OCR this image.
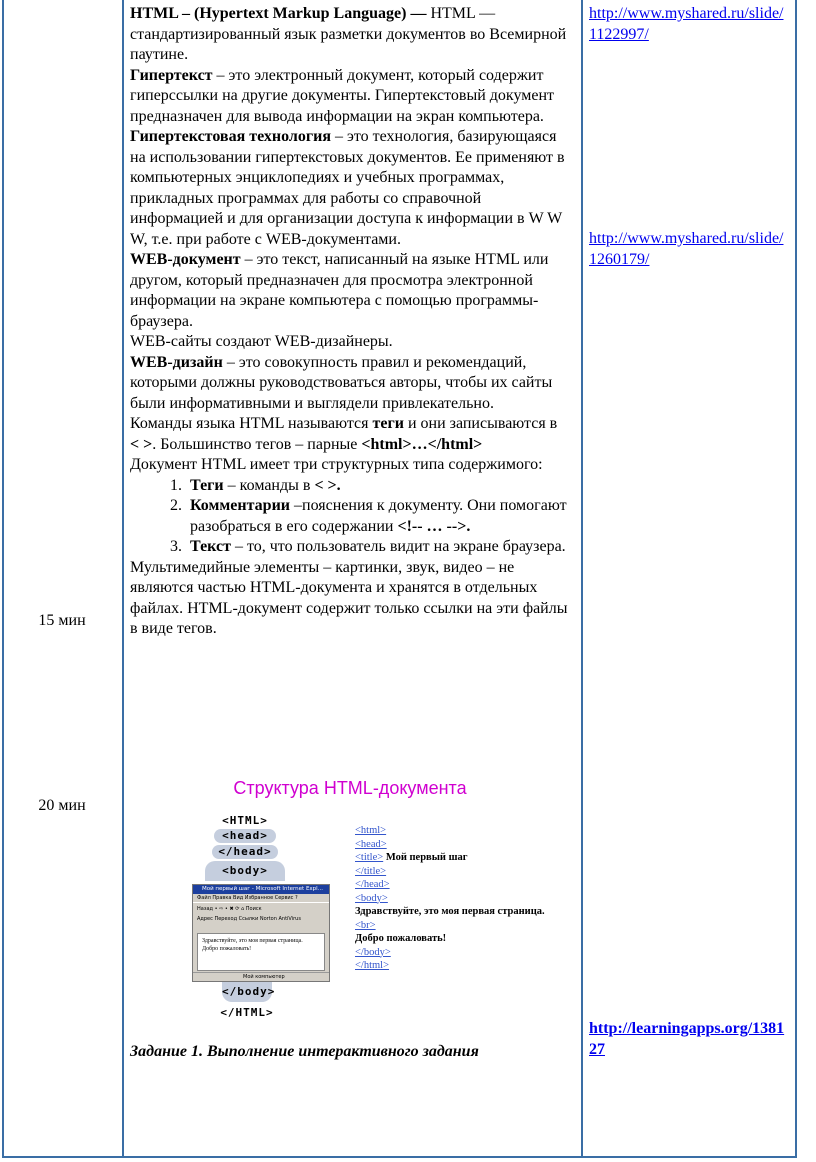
15 мин
20 мин
http://www.myshared.ru/slide/1122997/
http://www.myshared.ru/slide/1260179/
http://learningapps.org/138127

HTML – (Hypertext Markup Language) — HTML — стандартизированный язык разметки документов во Всемирной паутине.

Гипертекст – это электронный документ, который содержит гиперссылки на другие документы. Гипертекстовый документ предназначен для вывода информации на экран компьютера.

Гипертекстовая технология – это технология, базирующаяся на использовании гипертекстовых документов. Ее применяют в компьютерных энциклопедиях и учебных программах, прикладных программах для работы со справочной информацией и для организации доступа к информации в W W W, т.е. при работе с WEB-документами.

WEB-документ – это текст, написанный на языке HTML или другом, который предназначен для просмотра электронной информации на экране компьютера с помощью программы-браузера.

WEB-сайты создают WEB-дизайнеры.

WEB-дизайн – это совокупность правил и рекомендаций, которыми должны руководствоваться авторы, чтобы их сайты были информативными и выглядели привлекательно.

Команды языка HTML называются теги и они записываются в < >. Большинство тегов – парные <html>…</html>

Документ HTML имеет три структурных типа содержимого:

1. Теги – команды в < >.
2. Комментарии –пояснения к документу. Они помогают разобраться в его содержании <!-- … -->.
3. Текст – то, что пользователь видит на экране браузера.

Мультимедийные элементы – картинки, звук, видео – не являются частью HTML-документа и хранятся в отдельных файлах. HTML-документ содержит только ссылки на эти файлы в виде тегов.

Структура HTML-документа
<HTML>
<head>
</head>
<body>
</body>
</HTML>
Мой первый шаг - Microsoft Internet Expl...
Файл Правка Вид Избранное Сервис ?
Назад • ⇨ • ✖ ⟳ ⌂ Поиск
Адрес Переход Ссылки Norton AntiVirus
Здравствуйте, это моя первая страница.
Добро пожаловать!
Мой компьютер
<html>
<head>
<title> Мой первый шаг
</title>
</head>
<body>
Здравствуйте, это моя первая страница.
<br>
Добро пожаловать!
</body>
</html>
Задание 1. Выполнение интерактивного задания
